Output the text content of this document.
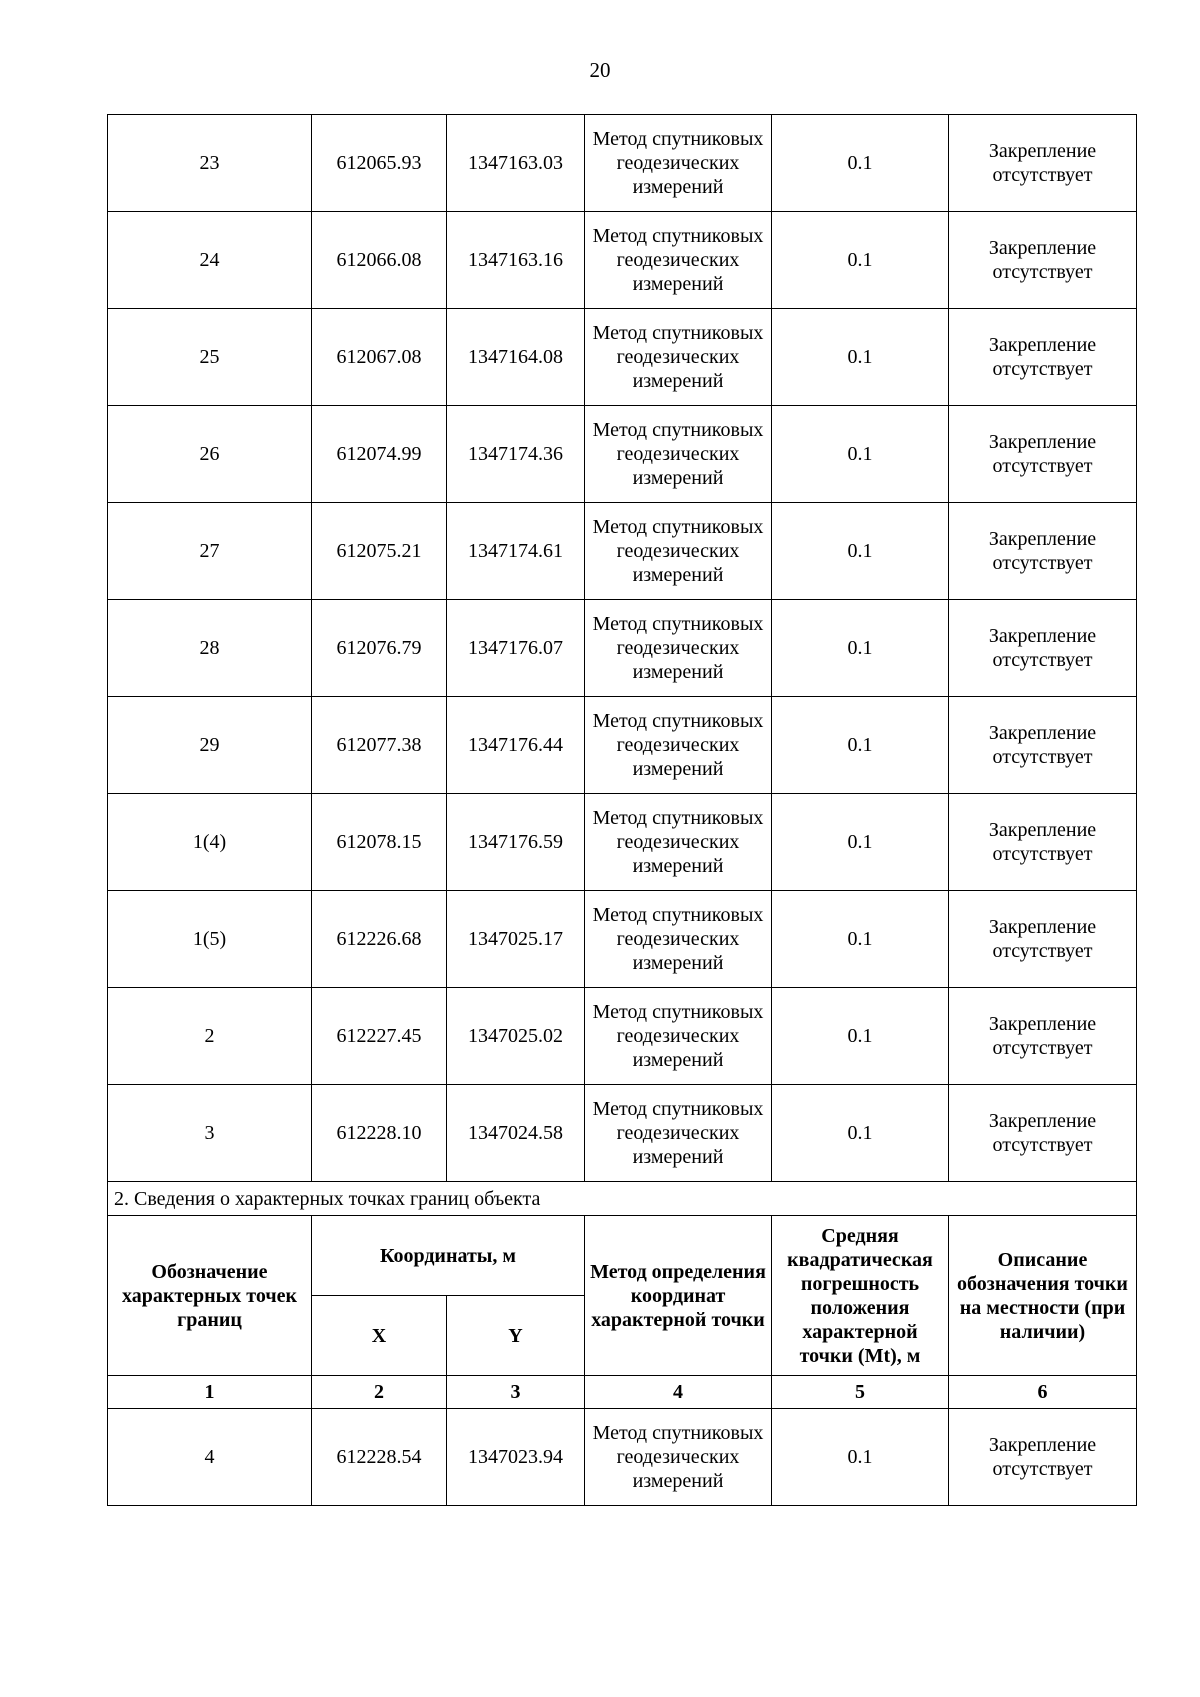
20
23	612065.93	1347163.03	Метод спутниковых геодезических измерений	0.1	Закрепление отсутствует
24	612066.08	1347163.16	Метод спутниковых геодезических измерений	0.1	Закрепление отсутствует
25	612067.08	1347164.08	Метод спутниковых геодезических измерений	0.1	Закрепление отсутствует
26	612074.99	1347174.36	Метод спутниковых геодезических измерений	0.1	Закрепление отсутствует
27	612075.21	1347174.61	Метод спутниковых геодезических измерений	0.1	Закрепление отсутствует
28	612076.79	1347176.07	Метод спутниковых геодезических измерений	0.1	Закрепление отсутствует
29	612077.38	1347176.44	Метод спутниковых геодезических измерений	0.1	Закрепление отсутствует
1(4)	612078.15	1347176.59	Метод спутниковых геодезических измерений	0.1	Закрепление отсутствует
1(5)	612226.68	1347025.17	Метод спутниковых геодезических измерений	0.1	Закрепление отсутствует
2	612227.45	1347025.02	Метод спутниковых геодезических измерений	0.1	Закрепление отсутствует
3	612228.10	1347024.58	Метод спутниковых геодезических измерений	0.1	Закрепление отсутствует
2. Сведения о характерных точках границ объекта					
Обозначение характерных точек границ	Координаты, м		Метод определения координат характерной точки	Средняя квадратическая погрешность положения характерной точки (Mt), м	Описание обозначения точки на местности (при наличии)
	X	Y			
1	2	3	4	5	6
4	612228.54	1347023.94	Метод спутниковых геодезических измерений	0.1	Закрепление отсутствует
